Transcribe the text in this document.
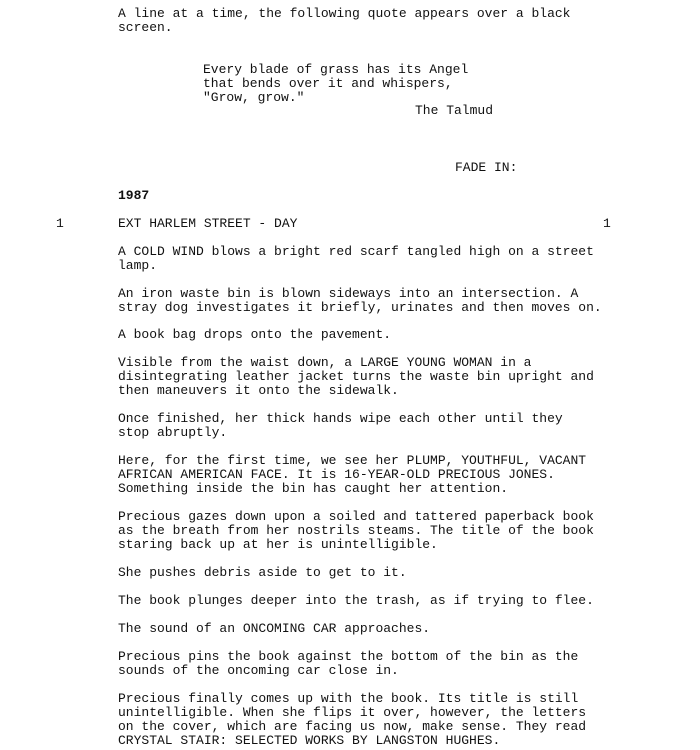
A line at a time, the following quote appears over a black
screen.

Every blade of grass has its Angel
that bends over it and whispers,
"Grow, grow."

The Talmud

FADE IN:

1987

1	EXT HARLEM STREET - DAY	1

A COLD WIND blows a bright red scarf tangled high on a street
lamp.

An iron waste bin is blown sideways into an intersection. A
stray dog investigates it briefly, urinates and then moves on.

A book bag drops onto the pavement.

Visible from the waist down, a LARGE YOUNG WOMAN in a
disintegrating leather jacket turns the waste bin upright and
then maneuvers it onto the sidewalk.

Once finished, her thick hands wipe each other until they
stop abruptly.

Here, for the first time, we see her PLUMP, YOUTHFUL, VACANT
AFRICAN AMERICAN FACE. It is 16-YEAR-OLD PRECIOUS JONES.
Something inside the bin has caught her attention.

Precious gazes down upon a soiled and tattered paperback book
as the breath from her nostrils steams. The title of the book
staring back up at her is unintelligible.

She pushes debris aside to get to it.

The book plunges deeper into the trash, as if trying to flee.

The sound of an ONCOMING CAR approaches.

Precious pins the book against the bottom of the bin as the
sounds of the oncoming car close in.

Precious finally comes up with the book. Its title is still
unintelligible. When she flips it over, however, the letters
on the cover, which are facing us now, make sense. They read
CRYSTAL STAIR: SELECTED WORKS BY LANGSTON HUGHES.
